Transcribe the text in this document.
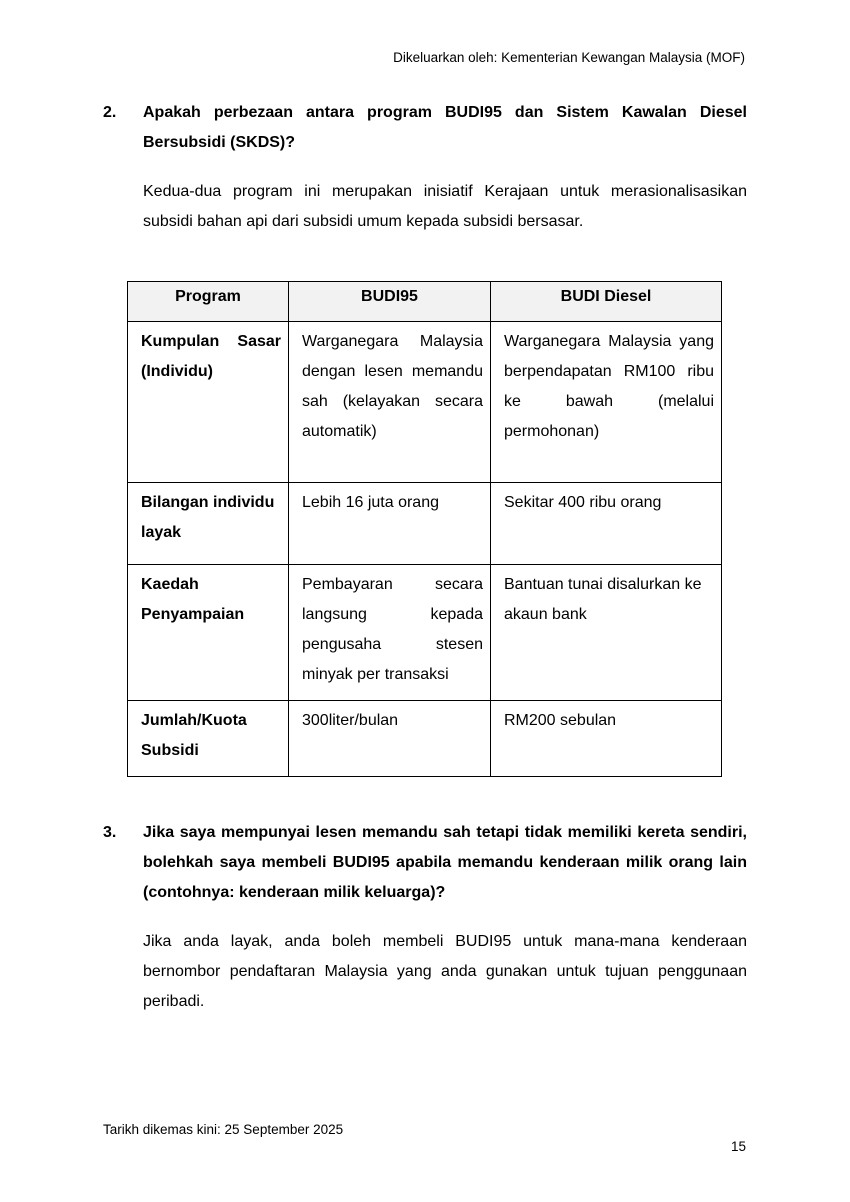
Dikeluarkan oleh: Kementerian Kewangan Malaysia (MOF)
2. Apakah perbezaan antara program BUDI95 dan Sistem Kawalan Diesel Bersubsidi (SKDS)?
Kedua-dua program ini merupakan inisiatif Kerajaan untuk merasionalisasikan subsidi bahan api dari subsidi umum kepada subsidi bersasar.
Program	BUDI95	BUDI Diesel
Kumpulan Sasar (Individu)	Warganegara Malaysia dengan lesen memandu sah (kelayakan secara automatik)	Warganegara Malaysia yang berpendapatan RM100 ribu ke bawah (melalui permohonan)
Bilangan individu layak	Lebih 16 juta orang	Sekitar 400 ribu orang
Kaedah Penyampaian	Pembayaran secara langsung kepada pengusaha stesen minyak per transaksi	Bantuan tunai disalurkan ke akaun bank
Jumlah/Kuota Subsidi	300liter/bulan	RM200 sebulan
3. Jika saya mempunyai lesen memandu sah tetapi tidak memiliki kereta sendiri, bolehkah saya membeli BUDI95 apabila memandu kenderaan milik orang lain (contohnya: kenderaan milik keluarga)?
Jika anda layak, anda boleh membeli BUDI95 untuk mana-mana kenderaan bernombor pendaftaran Malaysia yang anda gunakan untuk tujuan penggunaan peribadi.
Tarikh dikemas kini: 25 September 2025
15
